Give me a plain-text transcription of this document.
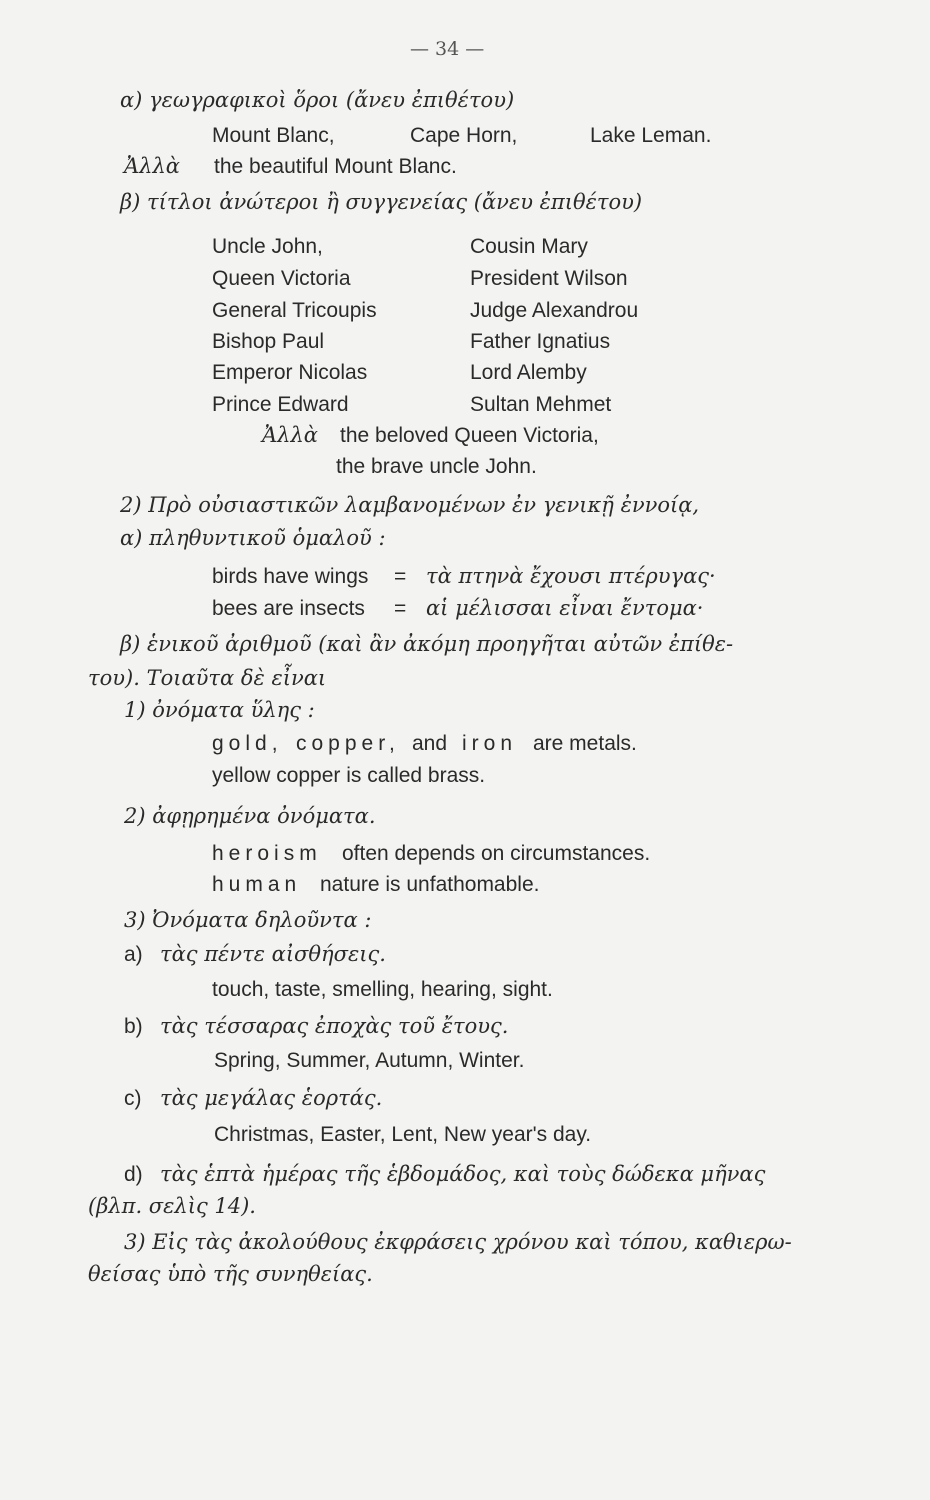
— 34 —
α) γεωγραφικοὶ ὅροι (ἄνευ ἐπιθέτου)
Mount Blanc,	Cape Horn,	Lake Leman.
Ἀλλὰ the beautiful Mount Blanc.
β) τίτλοι ἀνώτεροι ἢ συγγενείας (ἄνευ ἐπιθέτου)
Uncle John,
Queen Victoria
General Tricoupis
Bishop Paul
Emperor Nicolas
Prince Edward
Cousin Mary
President Wilson
Judge Alexandrou
Father Ignatius
Lord Alemby
Sultan Mehmet
Ἀλλὰ the beloved Queen Victoria,
the brave uncle John.
2) Πρὸ οὐσιαστικῶν λαμβανομένων ἐν γενικῇ ἐννοίᾳ,
α) πληθυντικοῦ ὁμαλοῦ :
birds have wings = τὰ πτηνὰ ἔχουσι πτέρυγας·
bees are insects = αἱ μέλισσαι εἶναι ἔντομα·
β) ἑνικοῦ ἀριθμοῦ (καὶ ἂν ἀκόμη προηγῆται αὐτῶν ἐπίθε-
του). Τοιαῦτα δὲ εἶναι
1) ὀνόματα ὕλης :
gold, copper, and iron are metals.
yellow copper is called brass.
2) ἀφῃρημένα ὀνόματα.
heroism often depends on circumstances.
human nature is unfathomable.
3) Ὀνόματα δηλοῦντα :
a) τὰς πέντε αἰσθήσεις.
touch, taste, smelling, hearing, sight.
b) τὰς τέσσαρας ἐποχὰς τοῦ ἔτους.
Spring, Summer, Autumn, Winter.
c) τὰς μεγάλας ἑορτάς.
Christmas, Easter, Lent, New year's day.
d) τὰς ἑπτὰ ἡμέρας τῆς ἑβδομάδος, καὶ τοὺς δώδεκα μῆνας
(βλπ. σελὶς 14).
3) Εἰς τὰς ἀκολούθους ἐκφράσεις χρόνου καὶ τόπου, καθιερω-
θείσας ὑπὸ τῆς συνηθείας.
